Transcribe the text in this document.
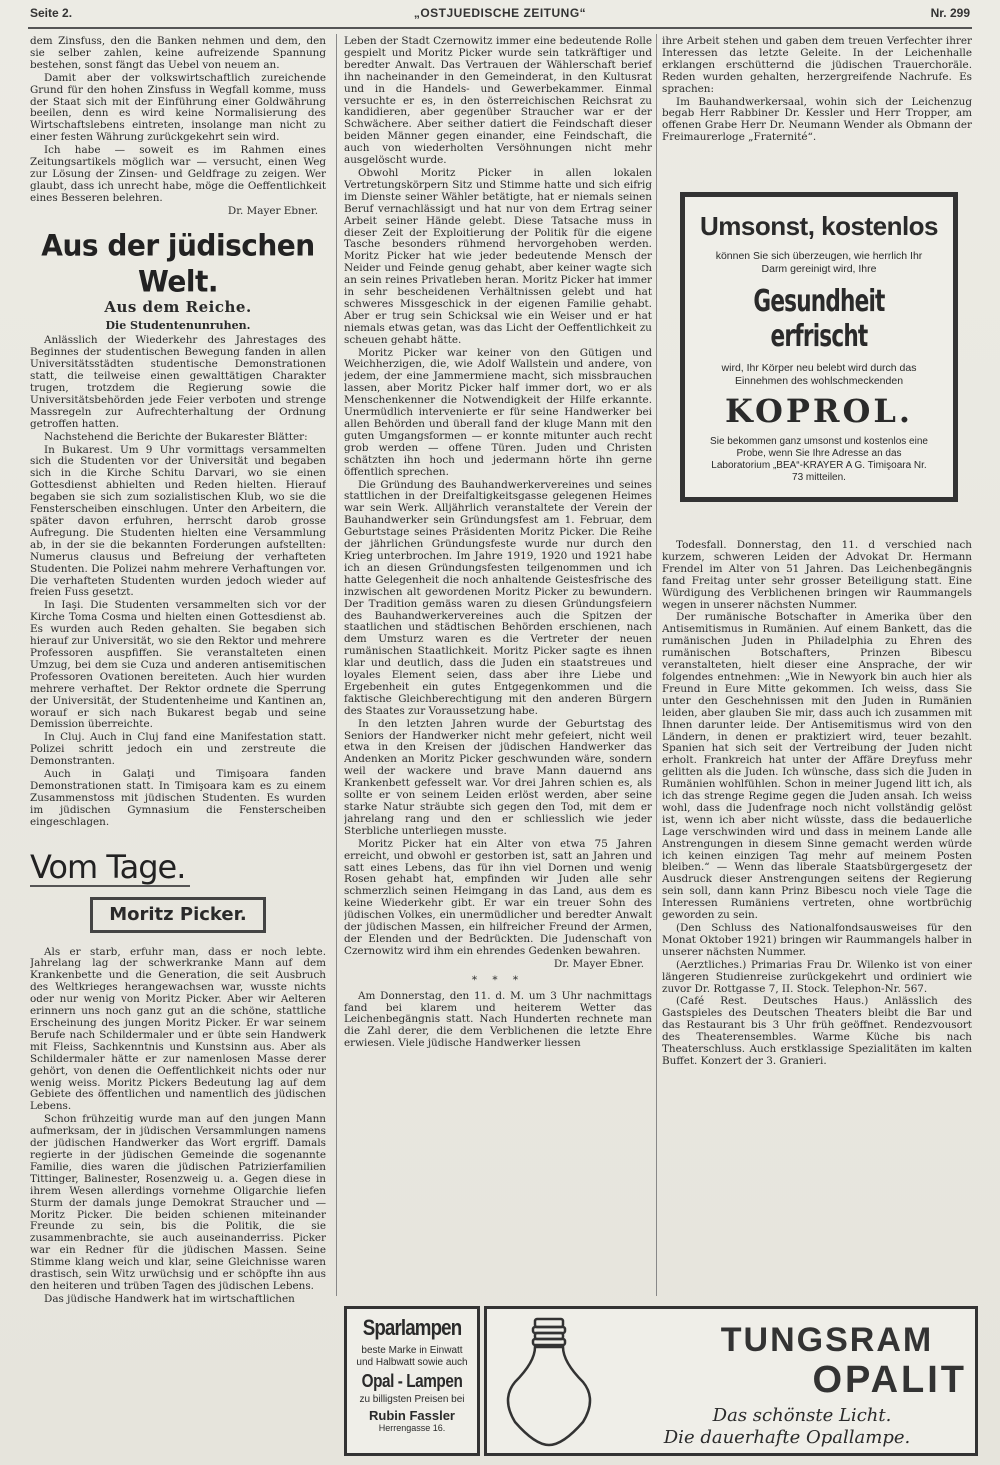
Seite 2.	„OSTJUEDISCHE ZEITUNG“	Nr. 299

dem Zinsfuss, den die Banken nehmen und dem, den sie selber zahlen, keine aufreizende Spannung bestehen, sonst fängt das Uebel von neuem an.

Damit aber der volkswirtschaftlich zureichende Grund für den hohen Zinsfuss in Wegfall komme, muss der Staat sich mit der Einführung einer Goldwährung beeilen, denn es wird keine Normalisierung des Wirtschaftslebens eintreten, insolange man nicht zu einer festen Währung zurückgekehrt sein wird.

Ich habe — soweit es im Rahmen eines Zeitungsartikels möglich war — versucht, einen Weg zur Lösung der Zinsen- und Geldfrage zu zeigen. Wer glaubt, dass ich unrecht habe, möge die Oeffentlichkeit eines Besseren belehren.

Dr. Mayer Ebner.

Aus der jüdischen Welt.
Aus dem Reiche.
Die Studentenunruhen.

Anlässlich der Wiederkehr des Jahrestages des Beginnes der studentischen Bewegung fanden in allen Universitätsstädten studentische Demonstrationen statt, die teilweise einen gewalttätigen Charakter trugen, trotzdem die Regierung sowie die Universitätsbehörden jede Feier verboten und strenge Massregeln zur Aufrechterhaltung der Ordnung getroffen hatten.

Nachstehend die Berichte der Bukarester Blätter:

In Bukarest. Um 9 Uhr vormittags versammelten sich die Studenten vor der Universität und begaben sich in die Kirche Schitu Darvari, wo sie einen Gottesdienst abhielten und Reden hielten. Hierauf begaben sie sich zum sozialistischen Klub, wo sie die Fensterscheiben einschlugen. Unter den Arbeitern, die später davon erfuhren, herrscht darob grosse Aufregung. Die Studenten hielten eine Versammlung ab, in der sie die bekannten Forderungen aufstellten: Numerus clausus und Befreiung der verhafteten Studenten. Die Polizei nahm mehrere Verhaftungen vor. Die verhafteten Studenten wurden jedoch wieder auf freien Fuss gesetzt.

In Iaşi. Die Studenten versammelten sich vor der Kirche Toma Cosma und hielten einen Gottesdienst ab. Es wurden auch Reden gehalten. Sie begaben sich hierauf zur Universität, wo sie den Rektor und mehrere Professoren auspfiffen. Sie veranstalteten einen Umzug, bei dem sie Cuza und anderen antisemitischen Professoren Ovationen bereiteten. Auch hier wurden mehrere verhaftet. Der Rektor ordnete die Sperrung der Universität, der Studentenheime und Kantinen an, worauf er sich nach Bukarest begab und seine Demission überreichte.

In Cluj. Auch in Cluj fand eine Manifestation statt. Polizei schritt jedoch ein und zerstreute die Demonstranten.

Auch in Galaţi und Timişoara fanden Demonstrationen statt. In Timişoara kam es zu einem Zusammenstoss mit jüdischen Studenten. Es wurden im jüdischen Gymnasium die Fensterscheiben eingeschlagen.

Vom Tage.
Moritz Picker.

Als er starb, erfuhr man, dass er noch lebte. Jahrelang lag der schwerkranke Mann auf dem Krankenbette und die Generation, die seit Ausbruch des Weltkrieges herangewachsen war, wusste nichts oder nur wenig von Moritz Picker. Aber wir Aelteren erinnern uns noch ganz gut an die schöne, stattliche Erscheinung des jungen Moritz Picker. Er war seinem Berufe nach Schildermaler und er übte sein Handwerk mit Fleiss, Sachkenntnis und Kunstsinn aus. Aber als Schildermaler hätte er zur namenlosen Masse derer gehört, von denen die Oeffentlichkeit nichts oder nur wenig weiss. Moritz Pickers Bedeutung lag auf dem Gebiete des öffentlichen und namentlich des jüdischen Lebens.

Schon frühzeitig wurde man auf den jungen Mann aufmerksam, der in jüdischen Versammlungen namens der jüdischen Handwerker das Wort ergriff. Damals regierte in der jüdischen Gemeinde die sogenannte Familie, dies waren die jüdischen Patrizierfamilien Tittinger, Balinester, Rosenzweig u. a. Gegen diese in ihrem Wesen allerdings vornehme Oligarchie liefen Sturm der damals junge Demokrat Straucher und — Moritz Picker. Die beiden schienen miteinander Freunde zu sein, bis die Politik, die sie zusammenbrachte, sie auch auseinanderriss. Picker war ein Redner für die jüdischen Massen. Seine Stimme klang weich und klar, seine Gleichnisse waren drastisch, sein Witz urwüchsig und er schöpfte ihn aus den heiteren und trüben Tagen des jüdischen Lebens.

Das jüdische Handwerk hat im wirtschaftlichen

Leben der Stadt Czernowitz immer eine bedeutende Rolle gespielt und Moritz Picker wurde sein tatkräftiger und beredter Anwalt. Das Vertrauen der Wählerschaft berief ihn nacheinander in den Gemeinderat, in den Kultusrat und in die Handels- und Gewerbekammer. Einmal versuchte er es, in den österreichischen Reichsrat zu kandidieren, aber gegenüber Straucher war er der Schwächere. Aber seither datiert die Feindschaft dieser beiden Männer gegen einander, eine Feindschaft, die auch von wiederholten Versöhnungen nicht mehr ausgelöscht wurde.

Obwohl Moritz Picker in allen lokalen Vertretungskörpern Sitz und Stimme hatte und sich eifrig im Dienste seiner Wähler betätigte, hat er niemals seinen Beruf vernachlässigt und hat nur von dem Ertrag seiner Arbeit seiner Hände gelebt. Diese Tatsache muss in dieser Zeit der Exploitierung der Politik für die eigene Tasche besonders rühmend hervorgehoben werden. Moritz Picker hat wie jeder bedeutende Mensch der Neider und Feinde genug gehabt, aber keiner wagte sich an sein reines Privatleben heran. Moritz Picker hat immer in sehr bescheidenen Verhältnissen gelebt und hat schweres Missgeschick in der eigenen Familie gehabt. Aber er trug sein Schicksal wie ein Weiser und er hat niemals etwas getan, was das Licht der Oeffentlichkeit zu scheuen gehabt hätte.

Moritz Picker war keiner von den Gütigen und Weichherzigen, die, wie Adolf Wallstein und andere, von jedem, der eine Jammermiene macht, sich missbrauchen lassen, aber Moritz Picker half immer dort, wo er als Menschenkenner die Notwendigkeit der Hilfe erkannte. Unermüdlich intervenierte er für seine Handwerker bei allen Behörden und überall fand der kluge Mann mit den guten Umgangsformen — er konnte mitunter auch recht grob werden — offene Türen. Juden und Christen schätzten ihn hoch und jedermann hörte ihn gerne öffentlich sprechen.

Die Gründung des Bauhandwerkervereines und seines stattlichen in der Dreifaltigkeitsgasse gelegenen Heimes war sein Werk. Alljährlich veranstaltete der Verein der Bauhandwerker sein Gründungsfest am 1. Februar, dem Geburtstage seines Präsidenten Moritz Picker. Die Reihe der jährlichen Gründungsfeste wurde nur durch den Krieg unterbrochen. Im Jahre 1919, 1920 und 1921 habe ich an diesen Gründungsfesten teilgenommen und ich hatte Gelegenheit die noch anhaltende Geistesfrische des inzwischen alt gewordenen Moritz Picker zu bewundern. Der Tradition gemäss waren zu diesen Gründungsfeiern des Bauhandwerkervereines auch die Spitzen der staatlichen und städtischen Behörden erschienen, nach dem Umsturz waren es die Vertreter der neuen rumänischen Staatlichkeit. Moritz Picker sagte es ihnen klar und deutlich, dass die Juden ein staatstreues und loyales Element seien, dass aber ihre Liebe und Ergebenheit ein gutes Entgegenkommen und die faktische Gleichberechtigung mit den anderen Bürgern des Staates zur Voraussetzung habe.

In den letzten Jahren wurde der Geburtstag des Seniors der Handwerker nicht mehr gefeiert, nicht weil etwa in den Kreisen der jüdischen Handwerker das Andenken an Moritz Picker geschwunden wäre, sondern weil der wackere und brave Mann dauernd ans Krankenbett gefesselt war. Vor drei Jahren schien es, als sollte er von seinem Leiden erlöst werden, aber seine starke Natur sträubte sich gegen den Tod, mit dem er jahrelang rang und den er schliesslich wie jeder Sterbliche unterliegen musste.

Moritz Picker hat ein Alter von etwa 75 Jahren erreicht, und obwohl er gestorben ist, satt an Jahren und satt eines Lebens, das für ihn viel Dornen und wenig Rosen gehabt hat, empfinden wir Juden alle sehr schmerzlich seinen Heimgang in das Land, aus dem es keine Wiederkehr gibt. Er war ein treuer Sohn des jüdischen Volkes, ein unermüdlicher und beredter Anwalt der jüdischen Massen, ein hilfreicher Freund der Armen, der Elenden und der Bedrückten. Die Judenschaft von Czernowitz wird ihm ein ehrendes Gedenken bewahren.

Dr. Mayer Ebner.

* * *

Am Donnerstag, den 11. d. M. um 3 Uhr nachmittags fand bei klarem und heiterem Wetter das Leichenbegängnis statt. Nach Hunderten rechnete man die Zahl derer, die dem Verblichenen die letzte Ehre erwiesen. Viele jüdische Handwerker liessen

ihre Arbeit stehen und gaben dem treuen Verfechter ihrer Interessen das letzte Geleite. In der Leichenhalle erklangen erschütternd die jüdischen Trauerchoräle. Reden wurden gehalten, herzergreifende Nachrufe. Es sprachen:

Im Bauhandwerkersaal, wohin sich der Leichenzug begab Herr Rabbiner Dr. Kessler und Herr Tropper, am offenen Grabe Herr Dr. Neumann Wender als Obmann der Freimaurerloge „Fraternité“.

Umsonst, kostenlos
können Sie sich überzeugen, wie herrlich Ihr Darm gereinigt wird, Ihre
Gesundheit erfrischt
wird, Ihr Körper neu belebt wird durch das Einnehmen des wohlschmeckenden
KOPROL.
Sie bekommen ganz umsonst und kostenlos eine Probe, wenn Sie Ihre Adresse an das Laboratorium „BEA“-KRAYER A G. Timişoara Nr. 73 mitteilen.

Todesfall. Donnerstag, den 11. d verschied nach kurzem, schweren Leiden der Advokat Dr. Hermann Frendel im Alter von 51 Jahren. Das Leichenbegängnis fand Freitag unter sehr grosser Beteiligung statt. Eine Würdigung des Verblichenen bringen wir Raummangels wegen in unserer nächsten Nummer.

Der rumänische Botschafter in Amerika über den Antisemitismus in Rumänien. Auf einem Bankett, das die rumänischen Juden in Philadelphia zu Ehren des rumänischen Botschafters, Prinzen Bibescu veranstalteten, hielt dieser eine Ansprache, der wir folgendes entnehmen: „Wie in Newyork bin auch hier als Freund in Eure Mitte gekommen. Ich weiss, dass Sie unter den Geschehnissen mit den Juden in Rumänien leiden, aber glauben Sie mir, dass auch ich zusammen mit Ihnen darunter leide. Der Antisemitismus wird von den Ländern, in denen er praktiziert wird, teuer bezahlt. Spanien hat sich seit der Vertreibung der Juden nicht erholt. Frankreich hat unter der Affäre Dreyfuss mehr gelitten als die Juden. Ich wünsche, dass sich die Juden in Rumänien wohlfühlen. Schon in meiner Jugend litt ich, als ich das strenge Regime gegen die Juden ansah. Ich weiss wohl, dass die Judenfrage noch nicht vollständig gelöst ist, wenn ich aber nicht wüsste, dass die bedauerliche Lage verschwinden wird und dass in meinem Lande alle Anstrengungen in diesem Sinne gemacht werden würde ich keinen einzigen Tag mehr auf meinem Posten bleiben.“ — Wenn das liberale Staatsbürgergesetz der Ausdruck dieser Anstrengungen seitens der Regierung sein soll, dann kann Prinz Bibescu noch viele Tage die Interessen Rumäniens vertreten, ohne wortbrüchig geworden zu sein.

(Den Schluss des Nationalfondsausweises für den Monat Oktober 1921) bringen wir Raummangels halber in unserer nächsten Nummer.

(Aerztliches.) Primarias Frau Dr. Wilenko ist von einer längeren Studienreise zurückgekehrt und ordiniert wie zuvor Dr. Rottgasse 7, II. Stock. Telephon-Nr. 567.

(Café Rest. Deutsches Haus.) Anlässlich des Gastspieles des Deutschen Theaters bleibt die Bar und das Restaurant bis 3 Uhr früh geöffnet. Rendezvousort des Theaterensembles. Warme Küche bis nach Theaterschluss. Auch erstklassige Spezialitäten im kalten Buffet. Konzert der 3. Granieri.

Sparlampen
beste Marke in Einwatt und Halbwatt sowie auch
Opal - Lampen
zu billigsten Preisen bei
Rubin Fassler
Herrengasse 16.
TUNGSRAM
OPALIT
Das schönste Licht.
Die dauerhafte Opallampe.
